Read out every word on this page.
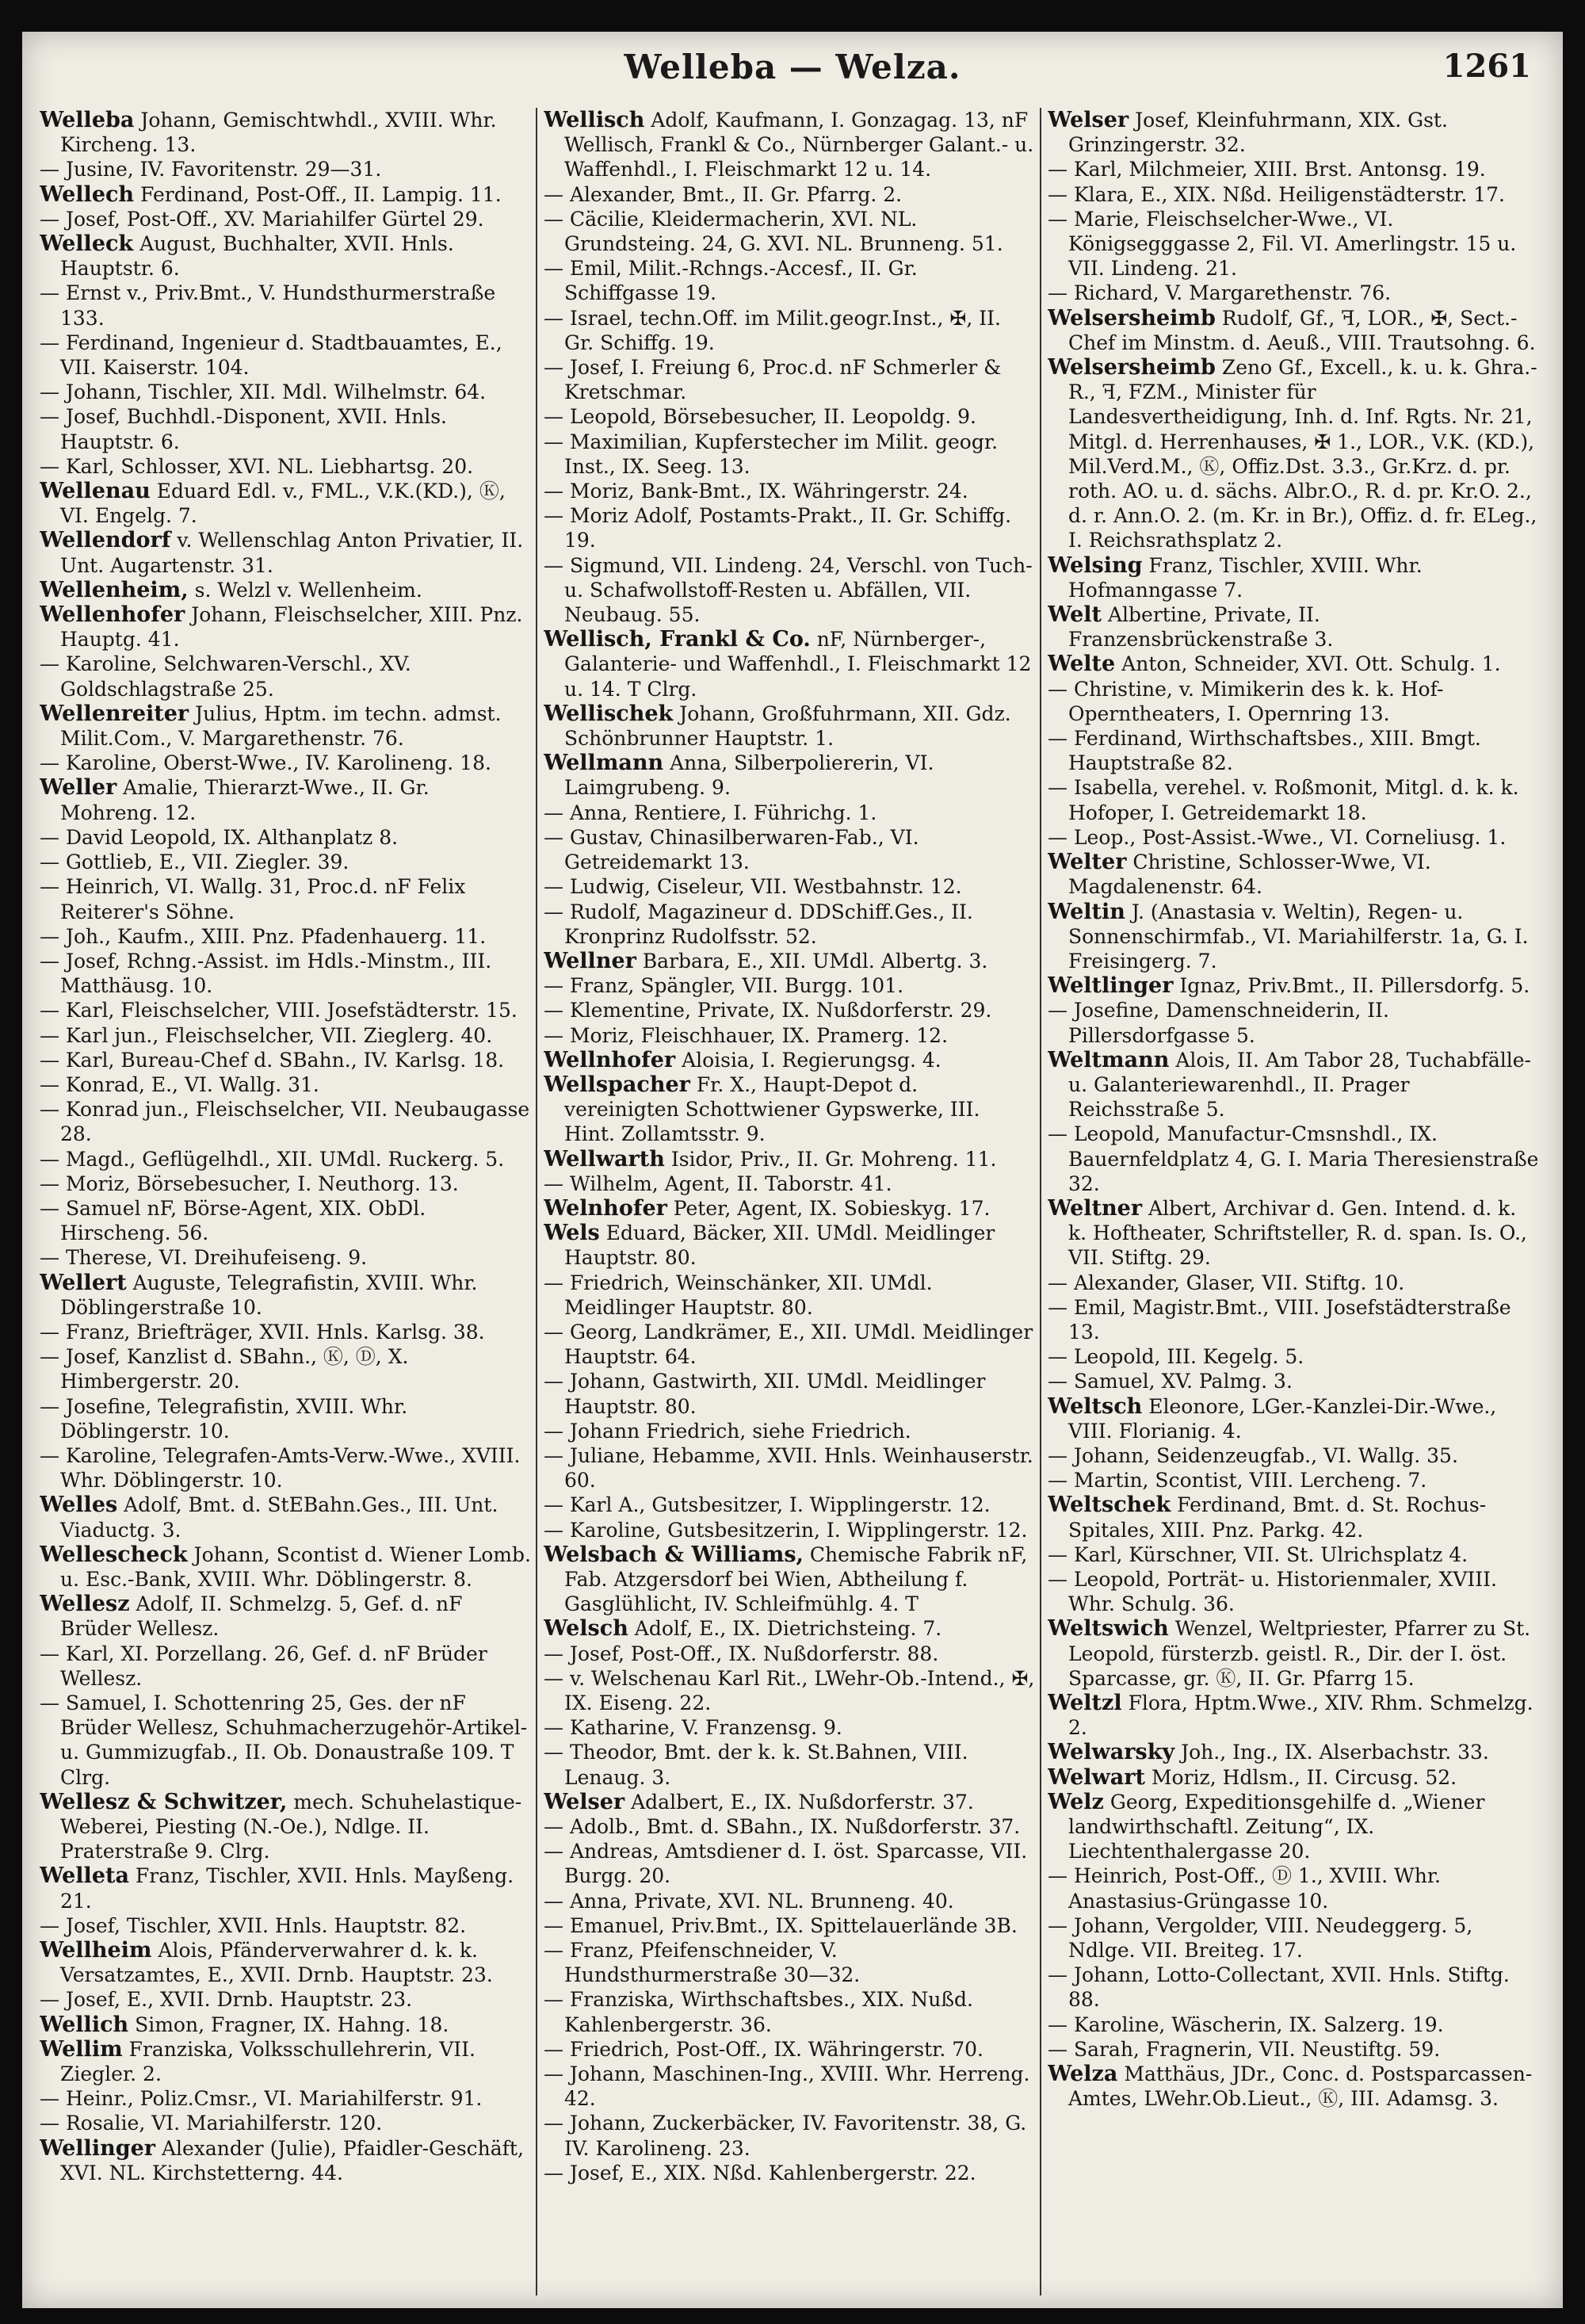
Welleba — Welza.	1261
Welleba Johann, Gemischtwhdl., XVIII. Whr. Kircheng. 13.
— Jusine, IV. Favoritenstr. 29—31.
Wellech Ferdinand, Post-Off., II. Lampig. 11.
— Josef, Post-Off., XV. Mariahilfer Gürtel 29.
Welleck August, Buchhalter, XVII. Hnls. Hauptstr. 6.
— Ernst v., Priv.Bmt., V. Hundsthurmerstraße 133.
— Ferdinand, Ingenieur d. Stadtbauamtes, E., VII. Kaiserstr. 104.
— Johann, Tischler, XII. Mdl. Wilhelmstr. 64.
— Josef, Buchhdl.-Disponent, XVII. Hnls. Hauptstr. 6.
— Karl, Schlosser, XVI. NL. Liebhartsg. 20.
Wellenau Eduard Edl. v., FML., V.K.(KD.), Ⓚ, VI. Engelg. 7.
Wellendorf v. Wellenschlag Anton Privatier, II. Unt. Augartenstr. 31.
Wellenheim, s. Welzl v. Wellenheim.
Wellenhofer Johann, Fleischselcher, XIII. Pnz. Hauptg. 41.
— Karoline, Selchwaren-Verschl., XV. Goldschlagstraße 25.
Wellenreiter Julius, Hptm. im techn. admst. Milit.Com., V. Margarethenstr. 76.
— Karoline, Oberst-Wwe., IV. Karolineng. 18.
Weller Amalie, Thierarzt-Wwe., II. Gr. Mohreng. 12.
— David Leopold, IX. Althanplatz 8.
— Gottlieb, E., VII. Ziegler. 39.
— Heinrich, VI. Wallg. 31, Proc.d. nF Felix Reiterer's Söhne.
— Joh., Kaufm., XIII. Pnz. Pfadenhauerg. 11.
— Josef, Rchng.-Assist. im Hdls.-Minstm., III. Matthäusg. 10.
— Karl, Fleischselcher, VIII. Josefstädterstr. 15.
— Karl jun., Fleischselcher, VII. Zieglerg. 40.
— Karl, Bureau-Chef d. SBahn., IV. Karlsg. 18.
— Konrad, E., VI. Wallg. 31.
— Konrad jun., Fleischselcher, VII. Neubaugasse 28.
— Magd., Geflügelhdl., XII. UMdl. Ruckerg. 5.
— Moriz, Börsebesucher, I. Neuthorg. 13.
— Samuel nF, Börse-Agent, XIX. ObDl. Hirscheng. 56.
— Therese, VI. Dreihufeiseng. 9.
Wellert Auguste, Telegrafistin, XVIII. Whr. Döblingerstraße 10.
— Franz, Briefträger, XVII. Hnls. Karlsg. 38.
— Josef, Kanzlist d. SBahn., Ⓚ, Ⓓ, X. Himbergerstr. 20.
— Josefine, Telegrafistin, XVIII. Whr. Döblingerstr. 10.
— Karoline, Telegrafen-Amts-Verw.-Wwe., XVIII. Whr. Döblingerstr. 10.
Welles Adolf, Bmt. d. StEBahn.Ges., III. Unt. Viaductg. 3.
Wellescheck Johann, Scontist d. Wiener Lomb. u. Esc.-Bank, XVIII. Whr. Döblingerstr. 8.
Wellesz Adolf, II. Schmelzg. 5, Gef. d. nF Brüder Wellesz.
— Karl, XI. Porzellang. 26, Gef. d. nF Brüder Wellesz.
— Samuel, I. Schottenring 25, Ges. der nF Brüder Wellesz, Schuhmacherzugehör-Artikel- u. Gummizugfab., II. Ob. Donaustraße 109. T Clrg.
Wellesz & Schwitzer, mech. Schuhelastique-Weberei, Piesting (N.-Oe.), Ndlge. II. Praterstraße 9. Clrg.
Welleta Franz, Tischler, XVII. Hnls. Mayßeng. 21.
— Josef, Tischler, XVII. Hnls. Hauptstr. 82.
Wellheim Alois, Pfänderverwahrer d. k. k. Versatzamtes, E., XVII. Drnb. Hauptstr. 23.
— Josef, E., XVII. Drnb. Hauptstr. 23.
Wellich Simon, Fragner, IX. Hahng. 18.
Wellim Franziska, Volksschullehrerin, VII. Ziegler. 2.
— Heinr., Poliz.Cmsr., VI. Mariahilferstr. 91.
— Rosalie, VI. Mariahilferstr. 120.
Wellinger Alexander (Julie), Pfaidler-Geschäft, XVI. NL. Kirchstetterng. 44.
Wellisch Adolf, Kaufmann, I. Gonzagag. 13, nF Wellisch, Frankl & Co., Nürnberger Galant.- u. Waffenhdl., I. Fleischmarkt 12 u. 14.
— Alexander, Bmt., II. Gr. Pfarrg. 2.
— Cäcilie, Kleidermacherin, XVI. NL. Grundsteing. 24, G. XVI. NL. Brunneng. 51.
— Emil, Milit.-Rchngs.-Accesf., II. Gr. Schiffgasse 19.
— Israel, techn.Off. im Milit.geogr.Inst., ✠, II. Gr. Schiffg. 19.
— Josef, I. Freiung 6, Proc.d. nF Schmerler & Kretschmar.
— Leopold, Börsebesucher, II. Leopoldg. 9.
— Maximilian, Kupferstecher im Milit. geogr. Inst., IX. Seeg. 13.
— Moriz, Bank-Bmt., IX. Währingerstr. 24.
— Moriz Adolf, Postamts-Prakt., II. Gr. Schiffg. 19.
— Sigmund, VII. Lindeng. 24, Verschl. von Tuch- u. Schafwollstoff-Resten u. Abfällen, VII. Neubaug. 55.
Wellisch, Frankl & Co. nF, Nürnberger-, Galanterie- und Waffenhdl., I. Fleischmarkt 12 u. 14. T Clrg.
Wellischek Johann, Großfuhrmann, XII. Gdz. Schönbrunner Hauptstr. 1.
Wellmann Anna, Silberpoliererin, VI. Laimgrubeng. 9.
— Anna, Rentiere, I. Führichg. 1.
— Gustav, Chinasilberwaren-Fab., VI. Getreidemarkt 13.
— Ludwig, Ciseleur, VII. Westbahnstr. 12.
— Rudolf, Magazineur d. DDSchiff.Ges., II. Kronprinz Rudolfsstr. 52.
Wellner Barbara, E., XII. UMdl. Albertg. 3.
— Franz, Spängler, VII. Burgg. 101.
— Klementine, Private, IX. Nußdorferstr. 29.
— Moriz, Fleischhauer, IX. Pramerg. 12.
Wellnhofer Aloisia, I. Regierungsg. 4.
Wellspacher Fr. X., Haupt-Depot d. vereinigten Schottwiener Gypswerke, III. Hint. Zollamtsstr. 9.
Wellwarth Isidor, Priv., II. Gr. Mohreng. 11.
— Wilhelm, Agent, II. Taborstr. 41.
Welnhofer Peter, Agent, IX. Sobieskyg. 17.
Wels Eduard, Bäcker, XII. UMdl. Meidlinger Hauptstr. 80.
— Friedrich, Weinschänker, XII. UMdl. Meidlinger Hauptstr. 80.
— Georg, Landkrämer, E., XII. UMdl. Meidlinger Hauptstr. 64.
— Johann, Gastwirth, XII. UMdl. Meidlinger Hauptstr. 80.
— Johann Friedrich, siehe Friedrich.
— Juliane, Hebamme, XVII. Hnls. Weinhauserstr. 60.
— Karl A., Gutsbesitzer, I. Wipplingerstr. 12.
— Karoline, Gutsbesitzerin, I. Wipplingerstr. 12.
Welsbach & Williams, Chemische Fabrik nF, Fab. Atzgersdorf bei Wien, Abtheilung f. Gasglühlicht, IV. Schleifmühlg. 4. T
Welsch Adolf, E., IX. Dietrichsteing. 7.
— Josef, Post-Off., IX. Nußdorferstr. 88.
— v. Welschenau Karl Rit., LWehr-Ob.-Intend., ✠, IX. Eiseng. 22.
— Katharine, V. Franzensg. 9.
— Theodor, Bmt. der k. k. St.Bahnen, VIII. Lenaug. 3.
Welser Adalbert, E., IX. Nußdorferstr. 37.
— Adolb., Bmt. d. SBahn., IX. Nußdorferstr. 37.
— Andreas, Amtsdiener d. I. öst. Sparcasse, VII. Burgg. 20.
— Anna, Private, XVI. NL. Brunneng. 40.
— Emanuel, Priv.Bmt., IX. Spittelauerlände 3B.
— Franz, Pfeifenschneider, V. Hundsthurmerstraße 30—32.
— Franziska, Wirthschaftsbes., XIX. Nußd. Kahlenbergerstr. 36.
— Friedrich, Post-Off., IX. Währingerstr. 70.
— Johann, Maschinen-Ing., XVIII. Whr. Herreng. 42.
— Johann, Zuckerbäcker, IV. Favoritenstr. 38, G. IV. Karolineng. 23.
— Josef, E., XIX. Nßd. Kahlenbergerstr. 22.
Welser Josef, Kleinfuhrmann, XIX. Gst. Grinzingerstr. 32.
— Karl, Milchmeier, XIII. Brst. Antonsg. 19.
— Klara, E., XIX. Nßd. Heiligenstädterstr. 17.
— Marie, Fleischselcher-Wwe., VI. Königsegggasse 2, Fil. VI. Amerlingstr. 15 u. VII. Lindeng. 21.
— Richard, V. Margarethenstr. 76.
Welsersheimb Rudolf, Gf., ꟻ, LOR., ✠, Sect.-Chef im Minstm. d. Aeuß., VIII. Trautsohng. 6.
Welsersheimb Zeno Gf., Excell., k. u. k. Ghra.-R., ꟻ, FZM., Minister für Landesvertheidigung, Inh. d. Inf. Rgts. Nr. 21, Mitgl. d. Herrenhauses, ✠ 1., LOR., V.K. (KD.), Mil.Verd.M., Ⓚ, Offiz.Dst. 3.3., Gr.Krz. d. pr. roth. AO. u. d. sächs. Albr.O., R. d. pr. Kr.O. 2., d. r. Ann.O. 2. (m. Kr. in Br.), Offiz. d. fr. ELeg., I. Reichsrathsplatz 2.
Welsing Franz, Tischler, XVIII. Whr. Hofmanngasse 7.
Welt Albertine, Private, II. Franzensbrückenstraße 3.
Welte Anton, Schneider, XVI. Ott. Schulg. 1.
— Christine, v. Mimikerin des k. k. Hof-Operntheaters, I. Opernring 13.
— Ferdinand, Wirthschaftsbes., XIII. Bmgt. Hauptstraße 82.
— Isabella, verehel. v. Roßmonit, Mitgl. d. k. k. Hofoper, I. Getreidemarkt 18.
— Leop., Post-Assist.-Wwe., VI. Corneliusg. 1.
Welter Christine, Schlosser-Wwe, VI. Magdalenenstr. 64.
Weltin J. (Anastasia v. Weltin), Regen- u. Sonnenschirmfab., VI. Mariahilferstr. 1a, G. I. Freisingerg. 7.
Weltlinger Ignaz, Priv.Bmt., II. Pillersdorfg. 5.
— Josefine, Damenschneiderin, II. Pillersdorfgasse 5.
Weltmann Alois, II. Am Tabor 28, Tuchabfälle- u. Galanteriewarenhdl., II. Prager Reichsstraße 5.
— Leopold, Manufactur-Cmsnshdl., IX. Bauernfeldplatz 4, G. I. Maria Theresienstraße 32.
Weltner Albert, Archivar d. Gen. Intend. d. k. k. Hoftheater, Schriftsteller, R. d. span. Is. O., VII. Stiftg. 29.
— Alexander, Glaser, VII. Stiftg. 10.
— Emil, Magistr.Bmt., VIII. Josefstädterstraße 13.
— Leopold, III. Kegelg. 5.
— Samuel, XV. Palmg. 3.
Weltsch Eleonore, LGer.-Kanzlei-Dir.-Wwe., VIII. Florianig. 4.
— Johann, Seidenzeugfab., VI. Wallg. 35.
— Martin, Scontist, VIII. Lercheng. 7.
Weltschek Ferdinand, Bmt. d. St. Rochus-Spitales, XIII. Pnz. Parkg. 42.
— Karl, Kürschner, VII. St. Ulrichsplatz 4.
— Leopold, Porträt- u. Historienmaler, XVIII. Whr. Schulg. 36.
Weltswich Wenzel, Weltpriester, Pfarrer zu St. Leopold, fürsterzb. geistl. R., Dir. der I. öst. Sparcasse, gr. Ⓚ, II. Gr. Pfarrg 15.
Weltzl Flora, Hptm.Wwe., XIV. Rhm. Schmelzg. 2.
Welwarsky Joh., Ing., IX. Alserbachstr. 33.
Welwart Moriz, Hdlsm., II. Circusg. 52.
Welz Georg, Expeditionsgehilfe d. „Wiener landwirthschaftl. Zeitung“, IX. Liechtenthalergasse 20.
— Heinrich, Post-Off., Ⓓ 1., XVIII. Whr. Anastasius-Grüngasse 10.
— Johann, Vergolder, VIII. Neudeggerg. 5, Ndlge. VII. Breiteg. 17.
— Johann, Lotto-Collectant, XVII. Hnls. Stiftg. 88.
— Karoline, Wäscherin, IX. Salzerg. 19.
— Sarah, Fragnerin, VII. Neustiftg. 59.
Welza Matthäus, JDr., Conc. d. Postsparcassen-Amtes, LWehr.Ob.Lieut., Ⓚ, III. Adamsg. 3.
